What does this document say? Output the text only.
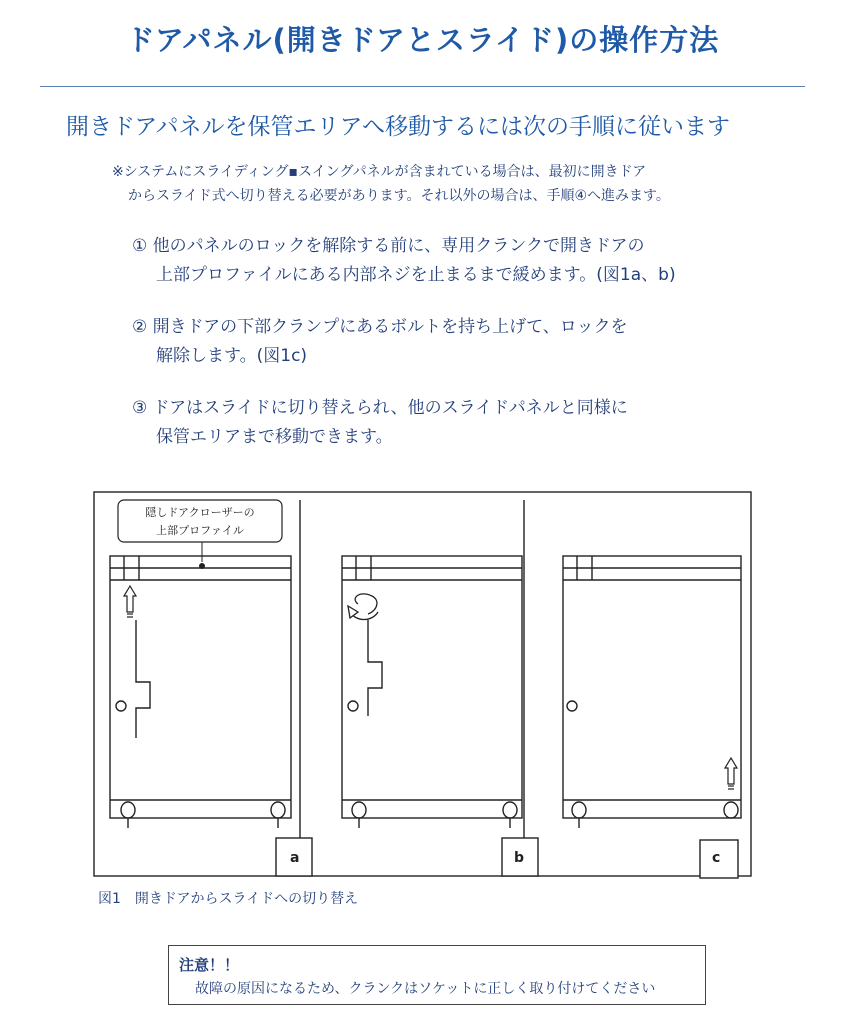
ドアパネル(開きドアとスライド)の操作方法
開きドアパネルを保管エリアへ移動するには次の手順に従います
※システムにスライディング▪スイングパネルが含まれている場合は、最初に開きドア
からスライド式へ切り替える必要があります。それ以外の場合は、手順④へ進みます。
① 他のパネルのロックを解除する前に、専用クランクで開きドアの
上部プロファイルにある内部ネジを止まるまで緩めます。(図1a、b)
② 開きドアの下部クランプにあるボルトを持ち上げて、ロックを
解除します。(図1c)
③ ドアはスライドに切り替えられ、他のスライドパネルと同様に
保管エリアまで移動できます。
隠しドアクローザーの
上部プロファイル
a	b	c
図1　開きドアからスライドへの切り替え
注意！！
故障の原因になるため、クランクはソケットに正しく取り付けてください
